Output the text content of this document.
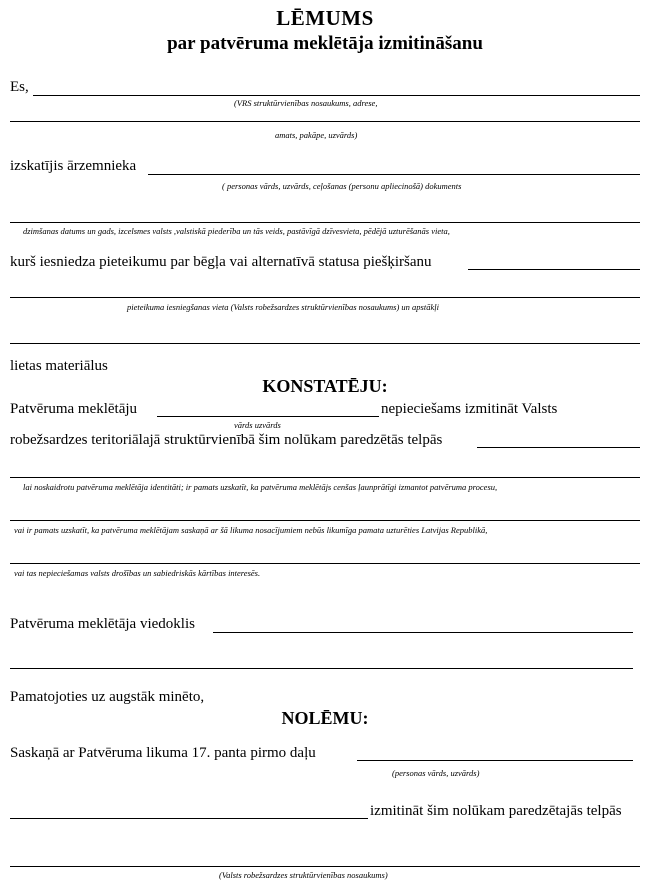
LĒMUMS
par patvēruma meklētāja izmitināšanu
Es,
(VRS struktūrvienības nosaukums, adrese,
amats, pakāpe, uzvārds)
izskatījis ārzemnieka
( personas vārds, uzvārds, ceļošanas (personu apliecinošā) dokuments
dzimšanas datums un gads, izcelsmes valsts ,valstiskā piederība un tās veids, pastāvīgā dzīvesvieta, pēdējā uzturēšanās vieta,
kurš iesniedza pieteikumu par bēgļa vai alternatīvā statusa piešķiršanu
pieteikuma iesniegšanas vieta (Valsts robežsardzes struktūrvienības nosaukums) un apstākļi
lietas materiālus
KONSTATĒJU:
Patvēruma meklētāju	nepieciešams izmitināt Valsts
vārds uzvārds
robežsardzes teritoriālajā struktūrvienībā šim nolūkam paredzētās telpās
lai noskaidrotu patvēruma meklētāja identitāti; ir pamats uzskatīt, ka patvēruma meklētājs cenšas ļaunprātīgi izmantot patvēruma procesu,
vai ir pamats uzskatīt, ka patvēruma meklētājam saskaņā ar šā likuma nosacījumiem nebūs likumīga pamata uzturēties Latvijas Republikā,
vai tas nepieciešamas valsts drošības un sabiedriskās kārtības interesēs.
Patvēruma meklētāja viedoklis
Pamatojoties uz augstāk minēto,
NOLĒMU:
Saskaņā ar Patvēruma likuma 17. panta pirmo daļu
(personas vārds, uzvārds)
izmitināt šim nolūkam paredzētajās telpās
(Valsts robežsardzes struktūrvienības nosaukums)
